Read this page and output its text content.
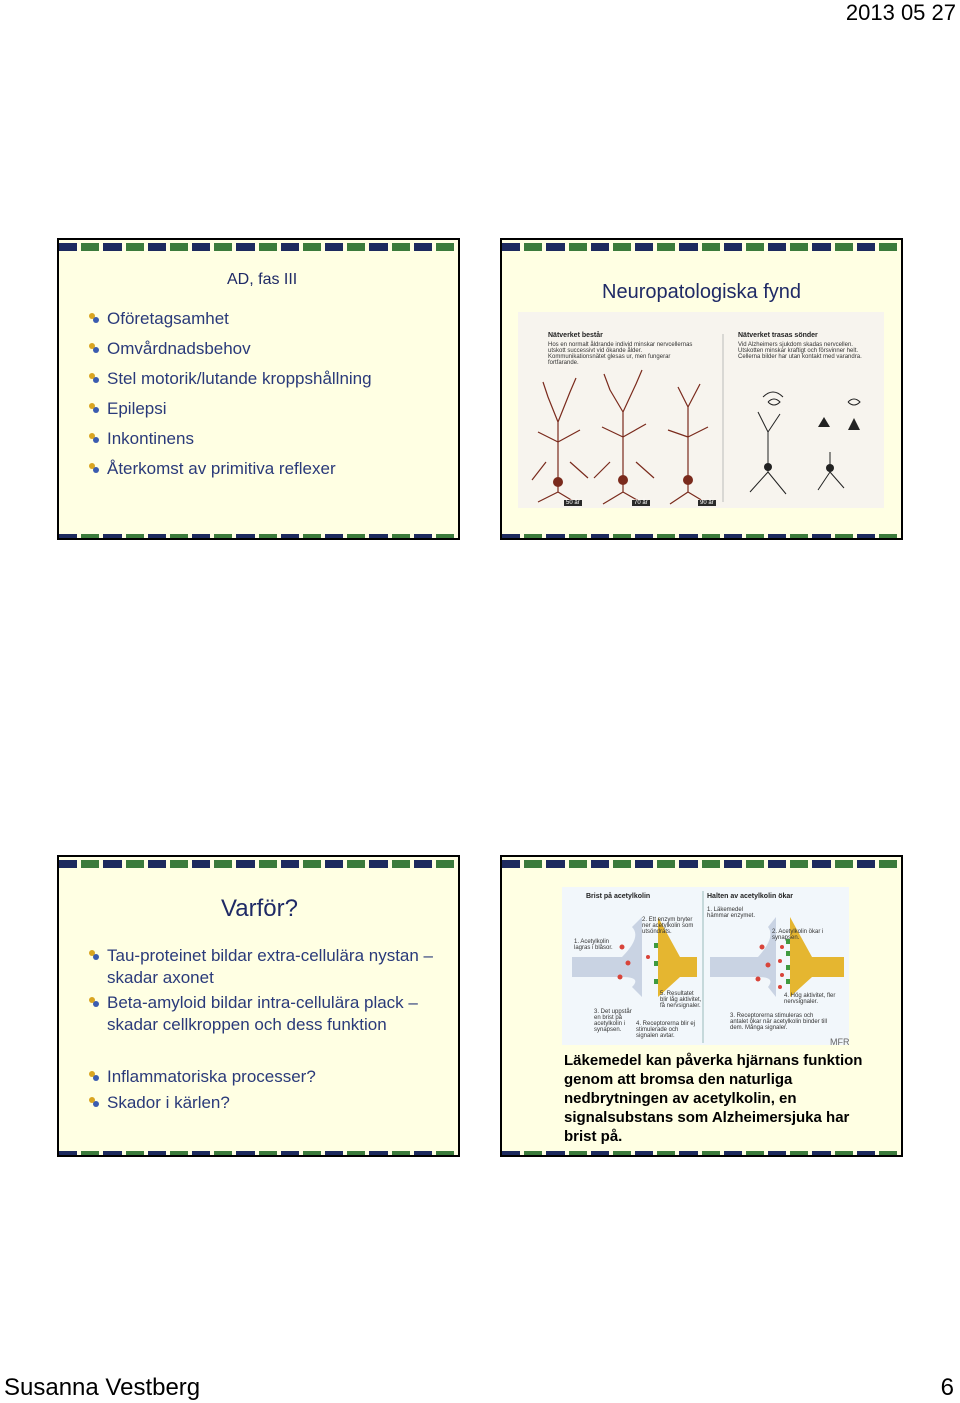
2013 05 27
AD, fas III
Oföretagsamhet
Omvårdnadsbehov
Stel motorik/lutande kroppshållning
Epilepsi
Inkontinens
Återkomst av primitiva reflexer
Neuropatologiska fynd
Nätverket består
Hos en normalt åldrande individ minskar nervcellernas utskott successivt vid ökande ålder. Kommunikationsnätet glesas ur, men fungerar fortfarande.
Nätverket trasas sönder
Vid Alzheimers sjukdom skadas nervcellen. Utskotten minskar kraftigt och försvinner helt. Cellerna bilder har utan kontakt med varandra.
50 år	70 år	90 år
Varför?
Tau-proteinet bildar extra-cellulära nystan – skadar axonet
Beta-amyloid bildar intra-cellulära plack – skadar cellkroppen och dess funktion
Inflammatoriska processer?
Skador i kärlen?
Brist på acetylkolin	Halten av acetylkolin ökar
1. Acetylkolin lagras i blåsor.
2. Ett enzym bryter ner acetylkolin som utsöndrats.
3. Det uppstår en brist på acetylkolin i synapsen.
4. Receptorerna blir ej stimulerade och signalen avtar.
5. Resultatet blir låg aktivitet, få nervsignaler.
1. Läkemedel hämmar enzymet.
2. Acetylkolin ökar i synapsen.
3. Receptorerna stimuleras och antalet ökar när acetylkolin binder till dem. Många signaler.
4. Hög aktivitet, fler nervsignaler.
MFR
Läkemedel kan påverka hjärnans funktion genom att bromsa den naturliga nedbrytningen av acetylkolin, en signalsubstans som Alzheimersjuka har brist på.
Susanna Vestberg	6
